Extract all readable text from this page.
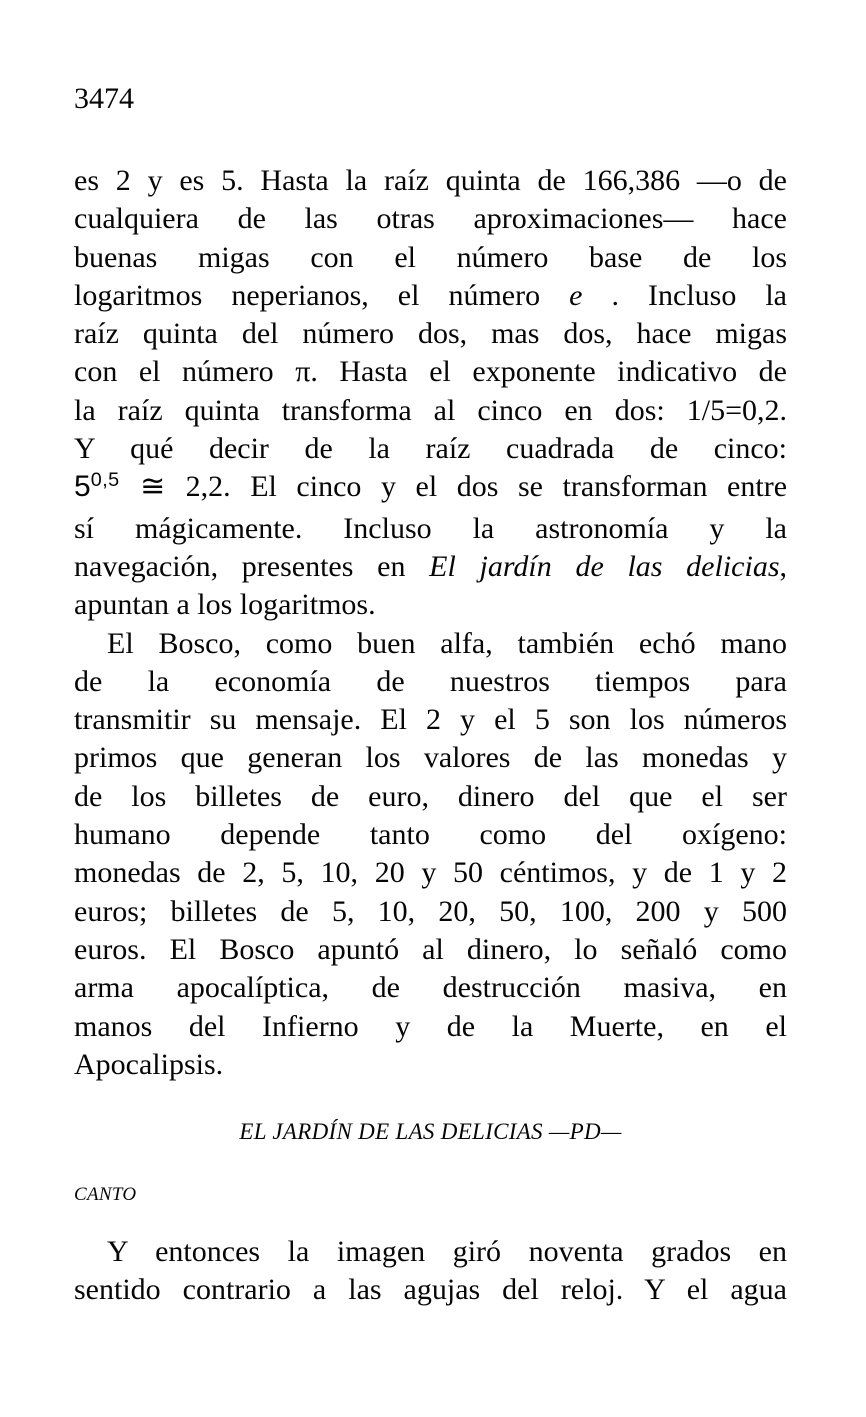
3474
es 2 y es 5. Hasta la raíz quinta de 166,386 —o de
cualquiera de las otras aproximaciones— hace
buenas migas con el número base de los
logaritmos neperianos, el número e . Incluso la
raíz quinta del número dos, mas dos, hace migas
con el número π. Hasta el exponente indicativo de
la raíz quinta transforma al cinco en dos: 1/5=0,2.
Y qué decir de la raíz cuadrada de cinco:
5$^{0,5}$ ≅ 2,2. El cinco y el dos se transforman entre
sí mágicamente. Incluso la astronomía y la
navegación, presentes en El jardín de las delicias,
apuntan a los logaritmos.
El Bosco, como buen alfa, también echó mano
de la economía de nuestros tiempos para
transmitir su mensaje. El 2 y el 5 son los números
primos que generan los valores de las monedas y
de los billetes de euro, dinero del que el ser
humano depende tanto como del oxígeno:
monedas de 2, 5, 10, 20 y 50 céntimos, y de 1 y 2
euros; billetes de 5, 10, 20, 50, 100, 200 y 500
euros. El Bosco apuntó al dinero, lo señaló como
arma apocalíptica, de destrucción masiva, en
manos del Infierno y de la Muerte, en el
Apocalipsis.
EL JARDÍN DE LAS DELICIAS —PD—
CANTO
Y entonces la imagen giró noventa grados en
sentido contrario a las agujas del reloj. Y el agua
